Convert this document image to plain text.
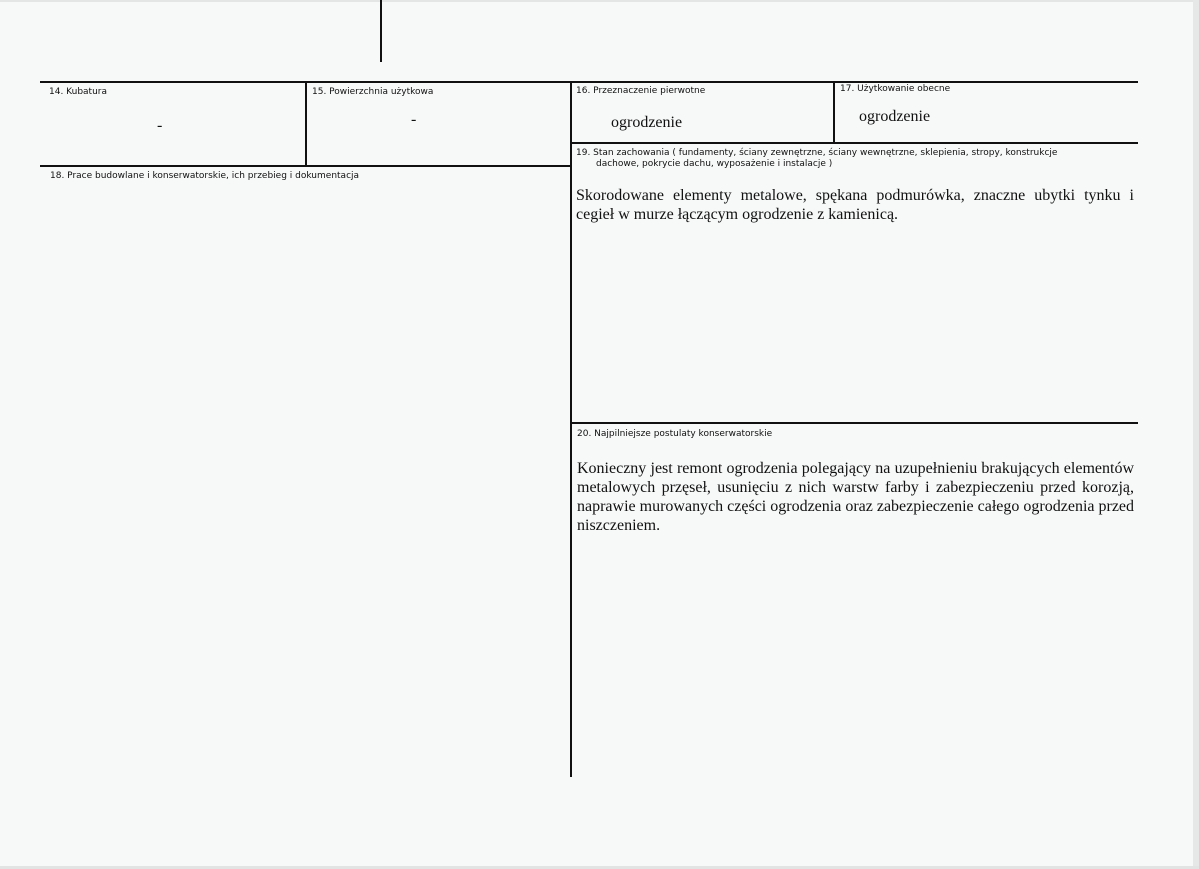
14. Kubatura
-
15. Powierzchnia użytkowa
-
16. Przeznaczenie pierwotne
ogrodzenie
17. Użytkowanie obecne
ogrodzenie
18. Prace budowlane i konserwatorskie, ich przebieg i dokumentacja
19. Stan zachowania ( fundamenty, ściany zewnętrzne, ściany wewnętrzne, sklepienia, stropy, konstrukcje
dachowe, pokrycie dachu, wyposażenie i instalacje )
Skorodowane elementy metalowe, spękana podmurówka, znaczne ubytki tynku i cegieł w murze łączącym ogrodzenie z kamienicą.
20. Najpilniejsze postulaty konserwatorskie
Konieczny jest remont ogrodzenia polegający na uzupełnieniu brakujących elementów metalowych przęseł, usunięciu z nich warstw farby i zabezpieczeniu przed korozją, naprawie murowanych części ogrodzenia oraz zabezpieczenie całego ogrodzenia przed niszczeniem.
